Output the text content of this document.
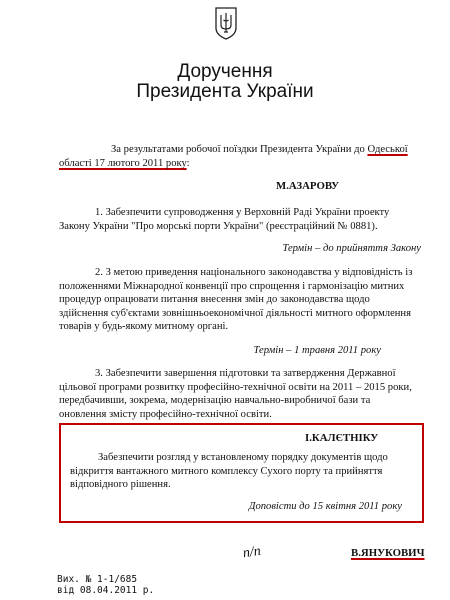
Доручення
Президента України
За результатами робочої поїздки Президента України до Одеської
області 17 лютого 2011 року:
М.АЗАРОВУ
1. Забезпечити супроводження у Верховній Раді України проекту
Закону України "Про морські порти України" (реєстраційний № 0881).
Термін – до прийняття Закону
2. З метою приведення національного законодавства у відповідність із
положеннями Міжнародної конвенції про спрощення і гармонізацію митних
процедур опрацювати питання внесення змін до законодавства щодо
здійснення суб'єктами зовнішньоекономічної діяльності митного оформлення
товарів у будь-якому митному органі.
Термін – 1 травня 2011 року
3. Забезпечити завершення підготовки та затвердження Державної
цільової програми розвитку професійно-технічної освіти на 2011 – 2015 роки,
передбачивши, зокрема, модернізацію навчально-виробничої бази та
оновлення змісту професійно-технічної освіти.
І.КАЛЄТНІКУ
Забезпечити розгляд у встановленому порядку документів щодо
відкриття вантажного митного комплексу Сухого порту та прийняття
відповідного рішення.
Доповісти до 15 квітня 2011 року
п/п	В.ЯНУКОВИЧ
Вих. № 1-1/685
від 08.04.2011 р.
